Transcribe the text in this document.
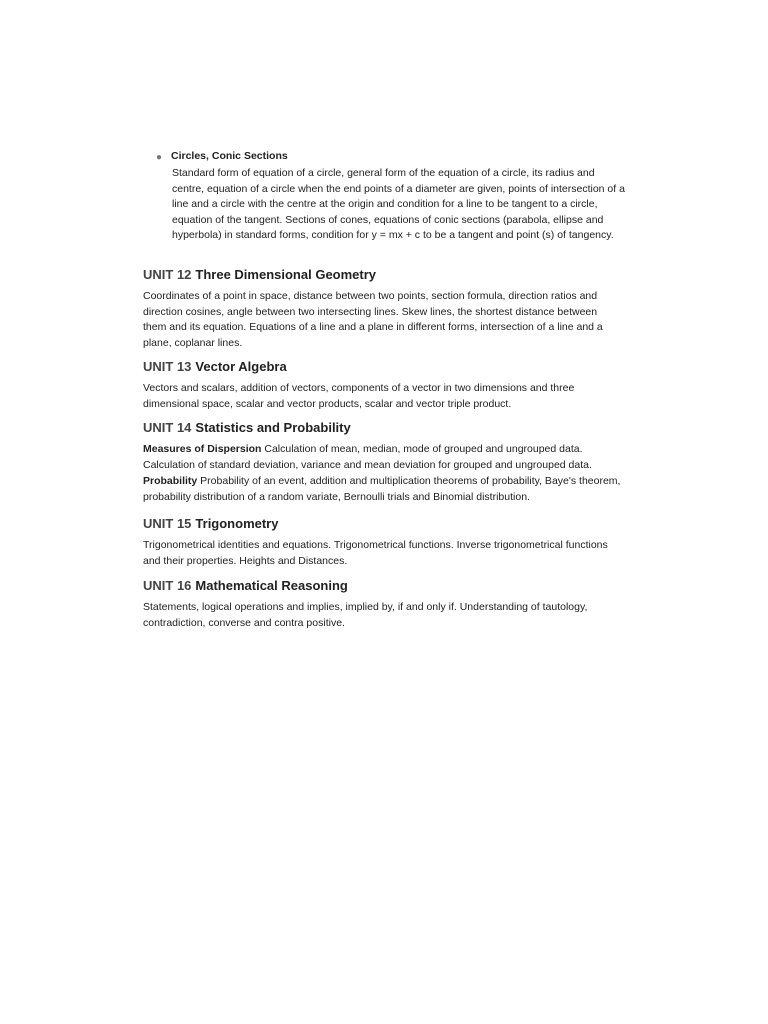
● Circles, Conic Sections
Standard form of equation of a circle, general form of the equation of a circle, its radius and centre, equation of a circle when the end points of a diameter are given, points of intersection of a line and a circle with the centre at the origin and condition for a line to be tangent to a circle, equation of the tangent. Sections of cones, equations of conic sections (parabola, ellipse and hyperbola) in standard forms, condition for y = mx + c to be a tangent and point (s) of tangency.
UNIT 12 Three Dimensional Geometry

Coordinates of a point in space, distance between two points, section formula, direction ratios and direction cosines, angle between two intersecting lines. Skew lines, the shortest distance between them and its equation. Equations of a line and a plane in different forms, intersection of a line and a plane, coplanar lines.

UNIT 13 Vector Algebra

Vectors and scalars, addition of vectors, components of a vector in two dimensions and three dimensional space, scalar and vector products, scalar and vector triple product.

UNIT 14 Statistics and Probability

Measures of Dispersion Calculation of mean, median, mode of grouped and ungrouped data. Calculation of standard deviation, variance and mean deviation for grouped and ungrouped data.

Probability Probability of an event, addition and multiplication theorems of probability, Baye's theorem, probability distribution of a random variate, Bernoulli trials and Binomial distribution.

UNIT 15 Trigonometry

Trigonometrical identities and equations. Trigonometrical functions. Inverse trigonometrical functions and their properties. Heights and Distances.

UNIT 16 Mathematical Reasoning

Statements, logical operations and implies, implied by, if and only if. Understanding of tautology, contradiction, converse and contra positive.
